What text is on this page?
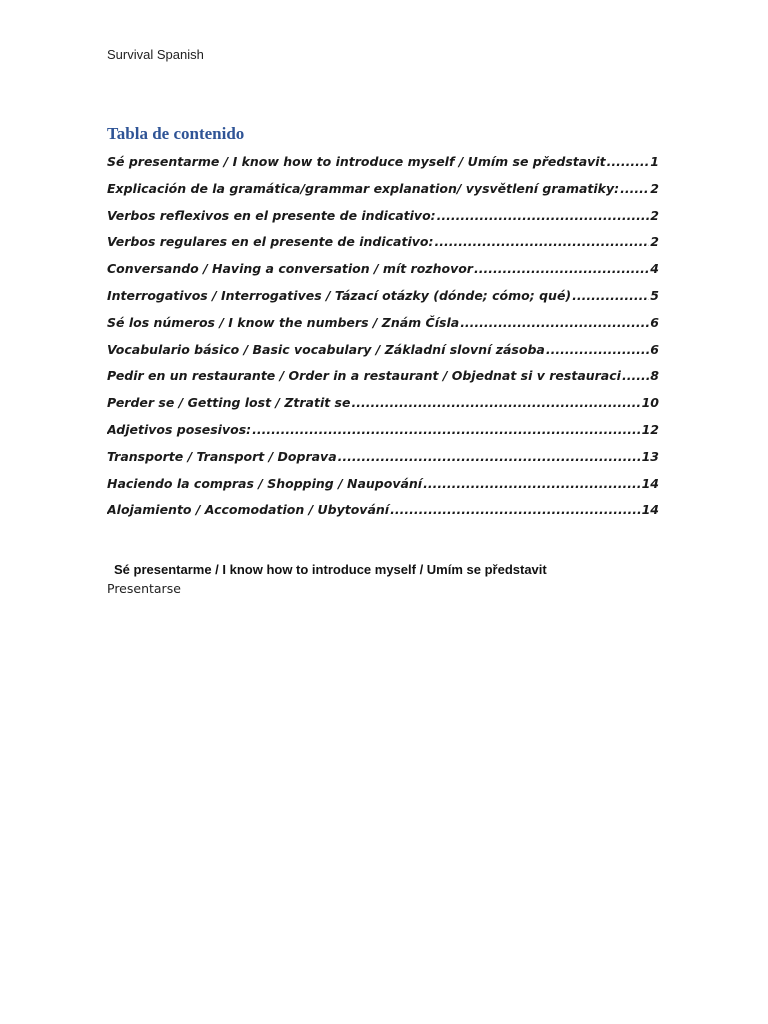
Survival Spanish
Tabla de contenido
Sé presentarme / I know how to introduce myself / Umím se představit .....	1
Explicación de la gramática/grammar explanation/ vysvětlení gramatiky: ..... 2
Verbos reflexivos en el presente de indicativo: .....	2
Verbos regulares en el presente de indicativo: .....	2
Conversando / Having a conversation / mít rozhovor .....	4
Interrogativos / Interrogatives / Tázací otázky (dónde; cómo; qué) .....	5
Sé los números / I know the numbers / Znám Čísla .....	6
Vocabulario básico / Basic vocabulary / Základní slovní zásoba .....	6
Pedir en un restaurante / Order in a restaurant / Objednat si v restauraci ..... 8
Perder se / Getting lost / Ztratit se .....	10
Adjetivos posesivos: .....	12
Transporte / Transport / Doprava .....	13
Haciendo la compras / Shopping / Naupování .....	14
Alojamiento / Accomodation / Ubytování .....	14
Sé presentarme / I know how to introduce myself / Umím se představit
Presentarse
